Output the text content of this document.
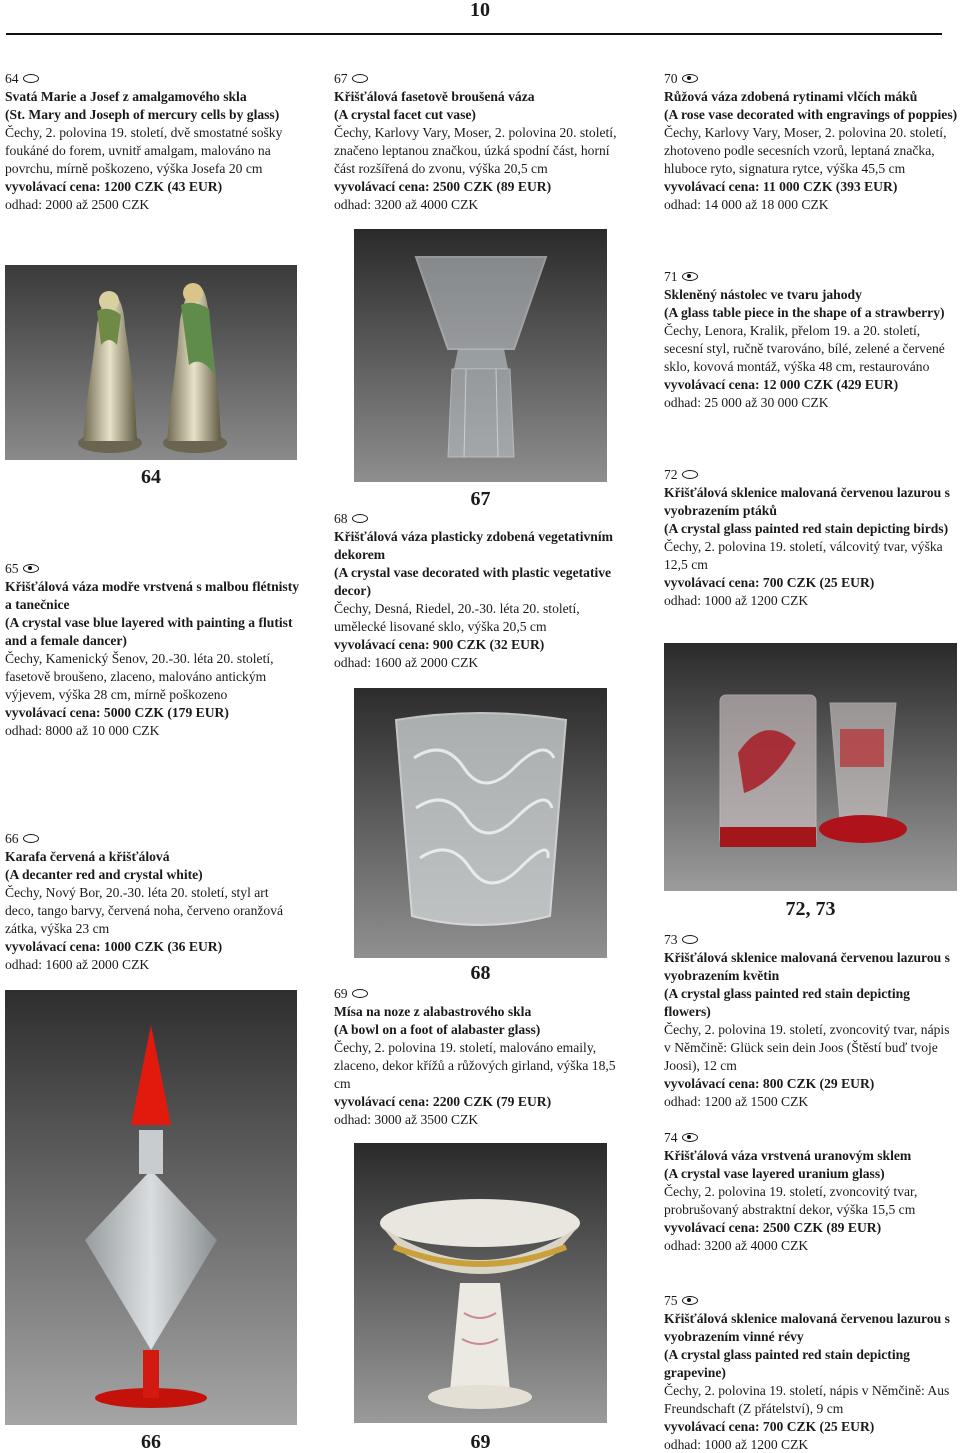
10
64
Svatá Marie a Josef z amalgamového skla
(St. Mary and Joseph of mercury cells by glass)
Čechy, 2. polovina 19. století, dvě smostatné sošky foukáné do forem, uvnitř amalgam, malováno na povrchu, mírně poškozeno, výška Josefa 20 cm
vyvolávací cena: 1200 CZK (43 EUR)
odhad: 2000 až 2500 CZK
64
65
Křišťálová váza modře vrstvená s malbou flétnisty a tanečnice
(A crystal vase blue layered with painting a flutist and a female dancer)
Čechy, Kamenický Šenov, 20.-30. léta 20. století, fasetově broušeno, zlaceno, malováno antickým výjevem, výška 28 cm, mírně poškozeno
vyvolávací cena: 5000 CZK (179 EUR)
odhad: 8000 až 10 000 CZK
66
Karafa červená a křišťálová
(A decanter red and crystal white)
Čechy, Nový Bor, 20.-30. léta 20. století, styl art deco, tango barvy, červená noha, červeno oranžová zátka, výška 23 cm
vyvolávací cena: 1000 CZK (36 EUR)
odhad: 1600 až 2000 CZK
66
67
Křišťálová fasetově broušená váza
(A crystal facet cut vase)
Čechy, Karlovy Vary, Moser, 2. polovina 20. století, značeno leptanou značkou, úzká spodní část, horní část rozšířená do zvonu, výška 20,5 cm
vyvolávací cena: 2500 CZK (89 EUR)
odhad: 3200 až 4000 CZK
67
68
Křišťálová váza plasticky zdobená vegetativním dekorem
(A crystal vase decorated with plastic vegetative decor)
Čechy, Desná, Riedel, 20.-30. léta 20. století, umělecké lisované sklo, výška 20,5 cm
vyvolávací cena: 900 CZK (32 EUR)
odhad: 1600 až 2000 CZK
68
69
Mísa na noze z alabastrového skla
(A bowl on a foot of alabaster glass)
Čechy, 2. polovina 19. století, malováno emaily, zlaceno, dekor křížů a růžových girland, výška 18,5 cm
vyvolávací cena: 2200 CZK (79 EUR)
odhad: 3000 až 3500 CZK
69
70
Růžová váza zdobená rytinami vlčích máků
(A rose vase decorated with engravings of poppies)
Čechy, Karlovy Vary, Moser, 2. polovina 20. století, zhotoveno podle secesních vzorů, leptaná značka, hluboce ryto, signatura rytce, výška 45,5 cm
vyvolávací cena: 11 000 CZK (393 EUR)
odhad: 14 000 až 18 000 CZK
71
Skleněný nástolec ve tvaru jahody
(A glass table piece in the shape of a strawberry)
Čechy, Lenora, Kralik, přelom 19. a 20. století, secesní styl, ručně tvarováno, bílé, zelené a červené sklo, kovová montáž, výška 48 cm, restaurováno
vyvolávací cena: 12 000 CZK (429 EUR)
odhad: 25 000 až 30 000 CZK
72
Křišťálová sklenice malovaná červenou lazurou s vyobrazením ptáků
(A crystal glass painted red stain depicting birds)
Čechy, 2. polovina 19. století, válcovitý tvar, výška 12,5 cm
vyvolávací cena: 700 CZK (25 EUR)
odhad: 1000 až 1200 CZK
72, 73
73
Křišťálová sklenice malovaná červenou lazurou s vyobrazením květin
(A crystal glass painted red stain depicting flowers)
Čechy, 2. polovina 19. století, zvoncovitý tvar, nápis v Němčině: Glück sein dein Joos (Štěstí buď tvoje Joosi), 12 cm
vyvolávací cena: 800 CZK (29 EUR)
odhad: 1200 až 1500 CZK
74
Křišťálová váza vrstvená uranovým sklem
(A crystal vase layered uranium glass)
Čechy, 2. polovina 19. století, zvoncovitý tvar, probrušovaný abstraktní dekor, výška 15,5 cm
vyvolávací cena: 2500 CZK (89 EUR)
odhad: 3200 až 4000 CZK
75
Křišťálová sklenice malovaná červenou lazurou s vyobrazením vinné révy
(A crystal glass painted red stain depicting grapevine)
Čechy, 2. polovina 19. století, nápis v Němčině: Aus Freundschaft (Z přátelství), 9 cm
vyvolávací cena: 700 CZK (25 EUR)
odhad: 1000 až 1200 CZK
